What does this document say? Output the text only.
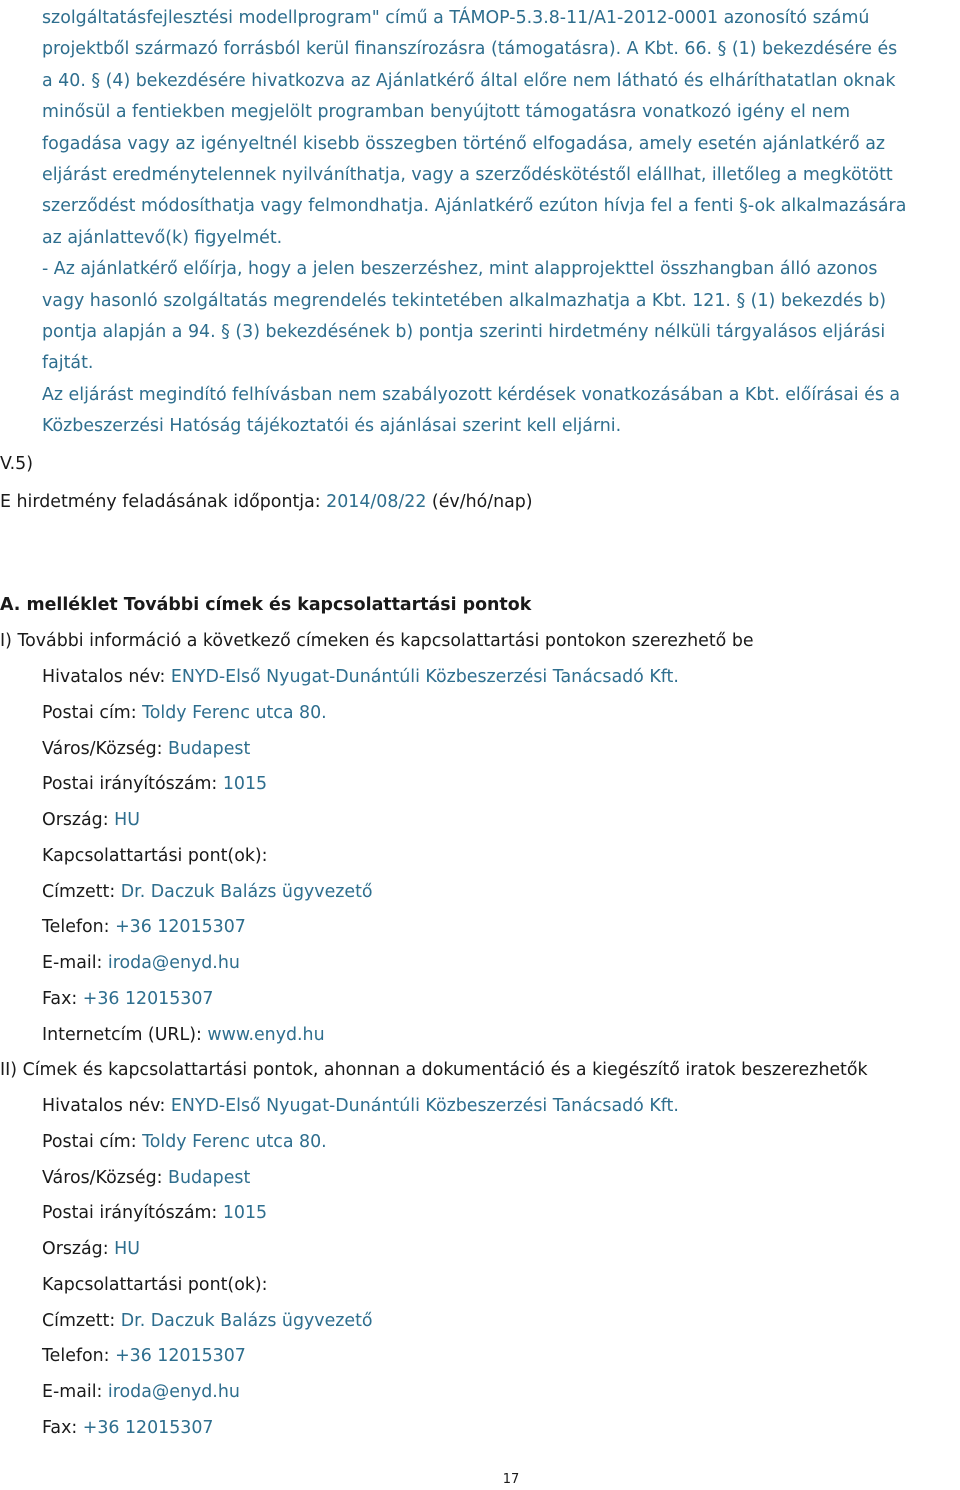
szolgáltatásfejlesztési modellprogram" című a TÁMOP-5.3.8-11/A1-2012-0001 azonosító számú
projektből származó forrásból kerül finanszírozásra (támogatásra). A Kbt. 66. § (1) bekezdésére és
a 40. § (4) bekezdésére hivatkozva az Ajánlatkérő által előre nem látható és elháríthatatlan oknak
minősül a fentiekben megjelölt programban benyújtott támogatásra vonatkozó igény el nem
fogadása vagy az igényeltnél kisebb összegben történő elfogadása, amely esetén ajánlatkérő az
eljárást eredménytelennek nyilváníthatja, vagy a szerződéskötéstől elállhat, illetőleg a megkötött
szerződést módosíthatja vagy felmondhatja. Ajánlatkérő ezúton hívja fel a fenti §-ok alkalmazására
az ajánlattevő(k) figyelmét.
- Az ajánlatkérő előírja, hogy a jelen beszerzéshez, mint alapprojekttel összhangban álló azonos
vagy hasonló szolgáltatás megrendelés tekintetében alkalmazhatja a Kbt. 121. § (1) bekezdés b)
pontja alapján a 94. § (3) bekezdésének b) pontja szerinti hirdetmény nélküli tárgyalásos eljárási
fajtát.
Az eljárást megindító felhívásban nem szabályozott kérdések vonatkozásában a Kbt. előírásai és a
Közbeszerzési Hatóság tájékoztatói és ajánlásai szerint kell eljárni.
V.5)
E hirdetmény feladásának időpontja: 2014/08/22 (év/hó/nap)
A. melléklet További címek és kapcsolattartási pontok
I) További információ a következő címeken és kapcsolattartási pontokon szerezhető be
Hivatalos név: ENYD-Első Nyugat-Dunántúli Közbeszerzési Tanácsadó Kft.
Postai cím: Toldy Ferenc utca 80.
Város/Község: Budapest
Postai irányítószám: 1015
Ország: HU
Kapcsolattartási pont(ok):
Címzett: Dr. Daczuk Balázs ügyvezető
Telefon: +36 12015307
E-mail: iroda@enyd.hu
Fax: +36 12015307
Internetcím (URL): www.enyd.hu
II) Címek és kapcsolattartási pontok, ahonnan a dokumentáció és a kiegészítő iratok beszerezhetők
Hivatalos név: ENYD-Első Nyugat-Dunántúli Közbeszerzési Tanácsadó Kft.
Postai cím: Toldy Ferenc utca 80.
Város/Község: Budapest
Postai irányítószám: 1015
Ország: HU
Kapcsolattartási pont(ok):
Címzett: Dr. Daczuk Balázs ügyvezető
Telefon: +36 12015307
E-mail: iroda@enyd.hu
Fax: +36 12015307
17
